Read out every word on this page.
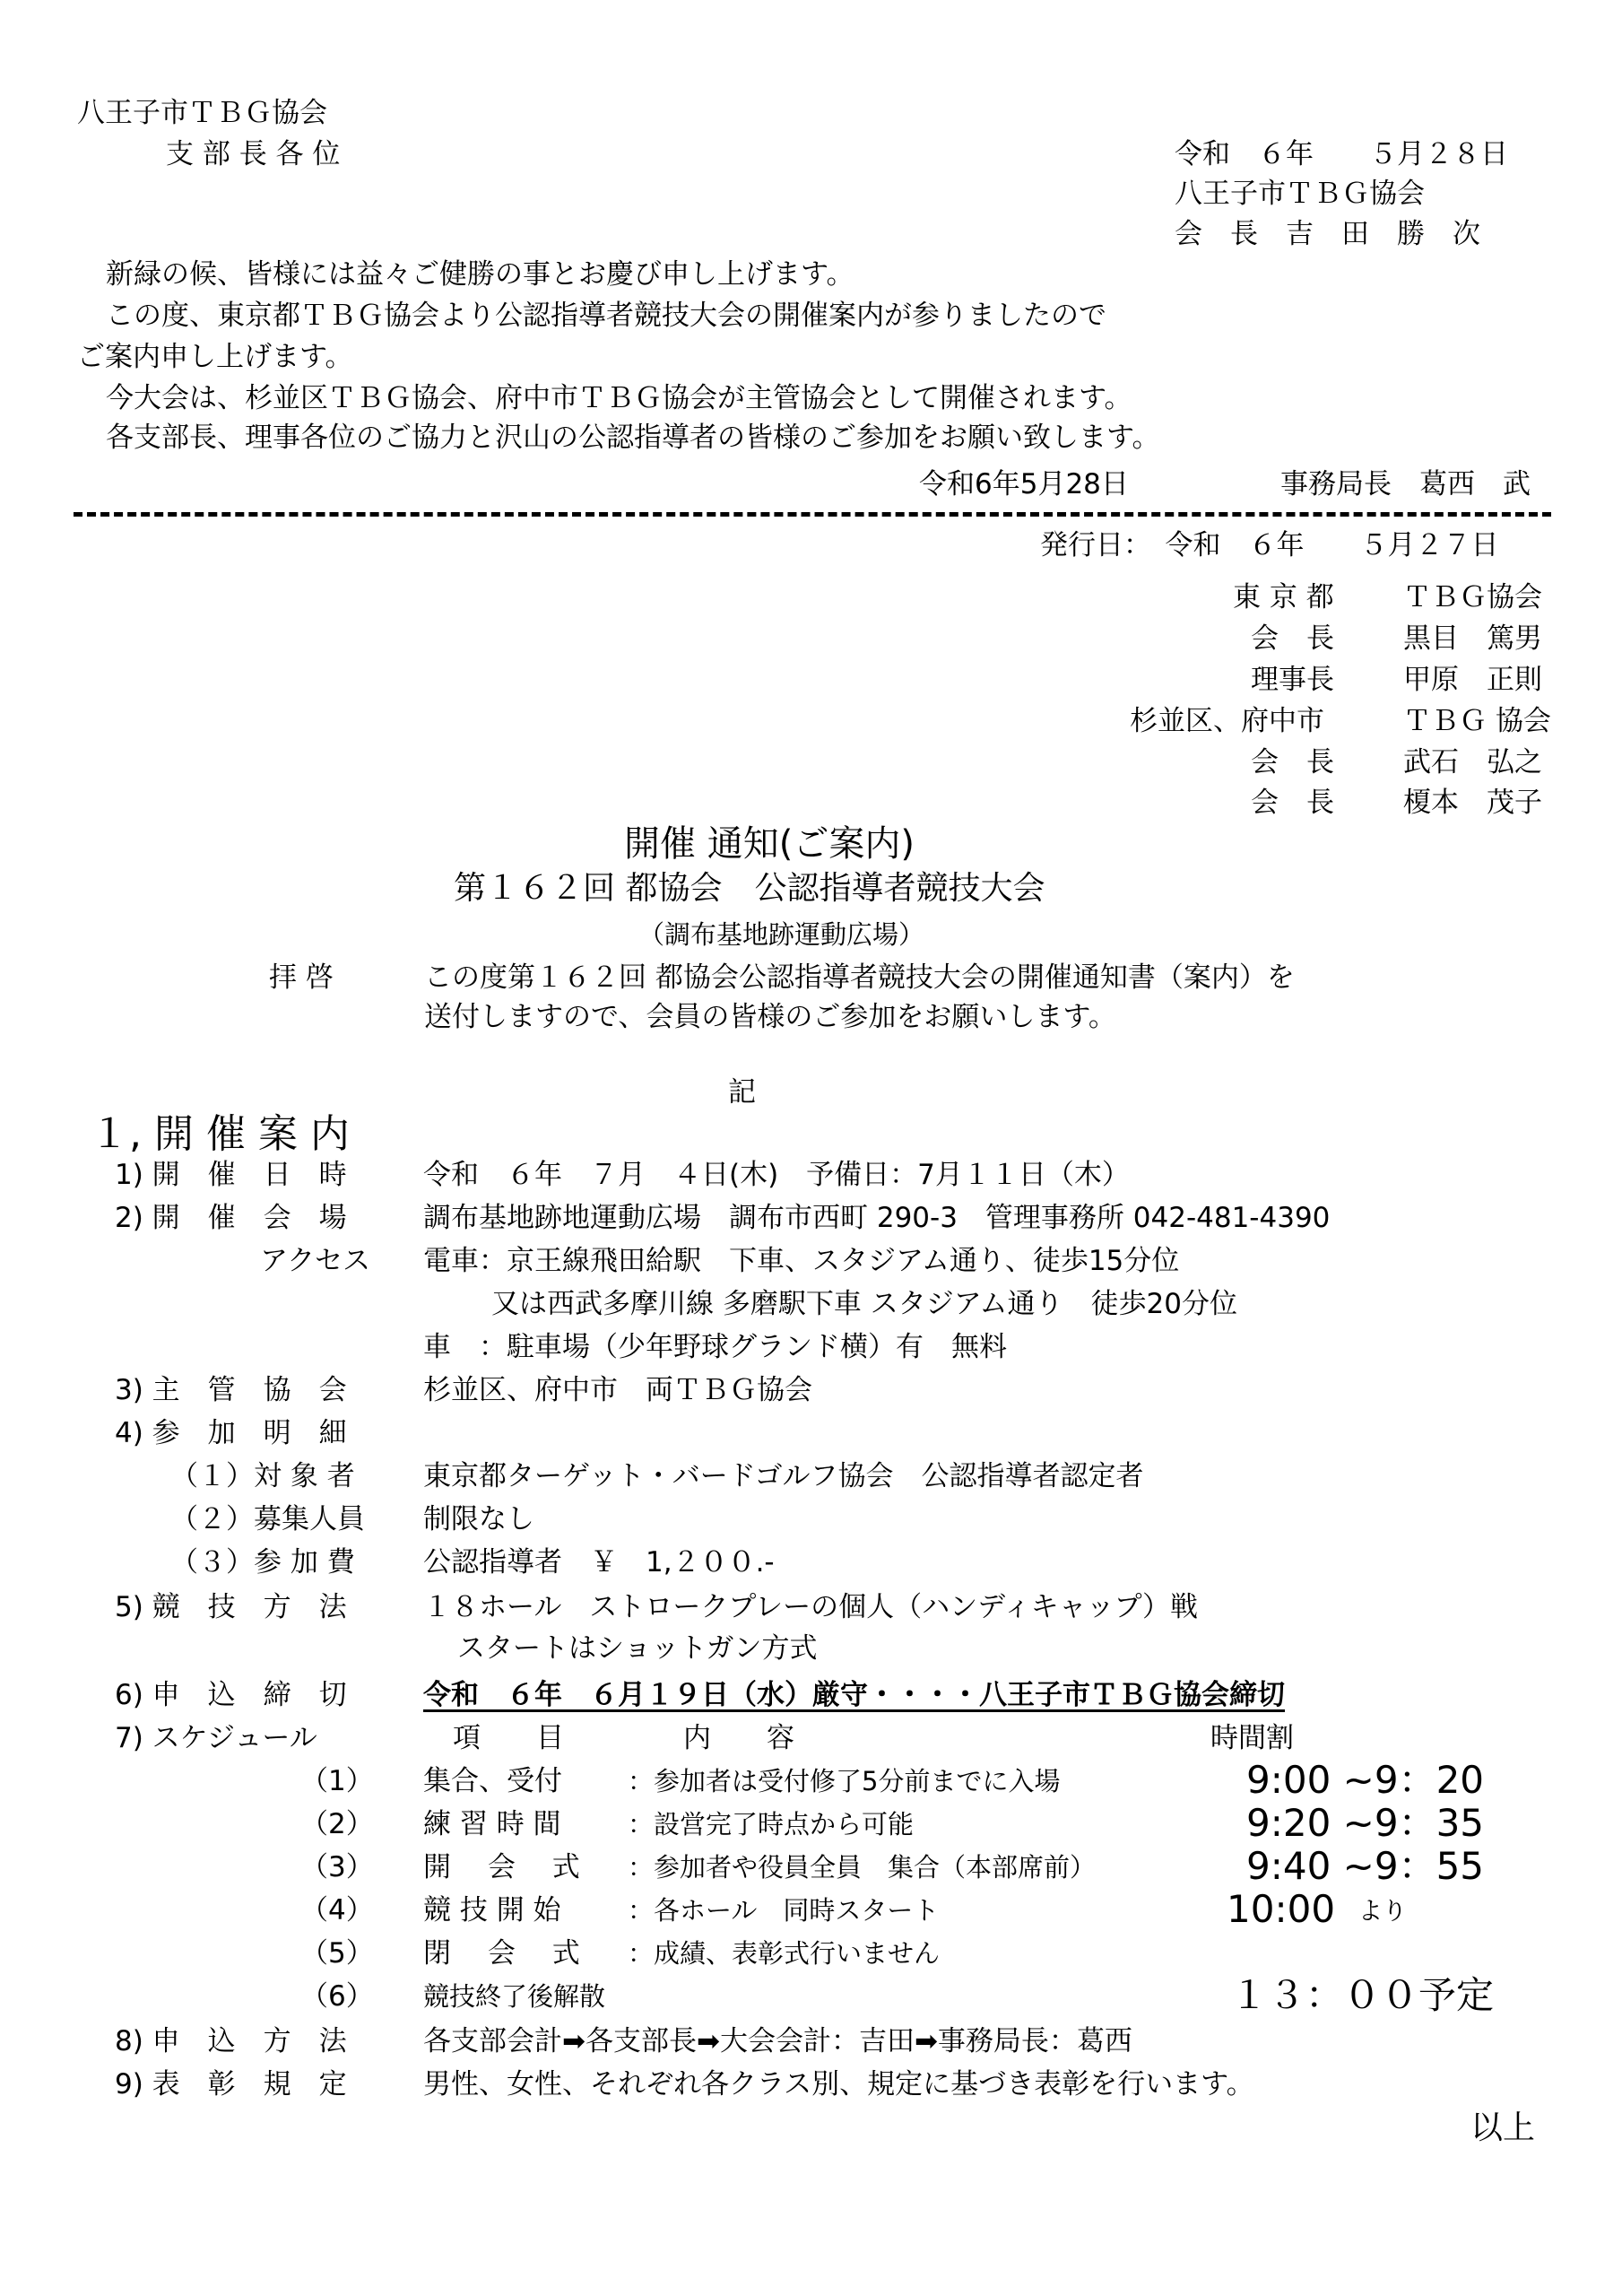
八王子市ＴＢＧ協会
支 部 長 各 位	令和　６年　　５月２８日
八王子市ＴＢＧ協会
会　長　吉　田　勝　次
新緑の候、皆様には益々ご健勝の事とお慶び申し上げます。
この度、東京都ＴＢＧ協会より公認指導者競技大会の開催案内が参りましたので
ご案内申し上げます。
今大会は、杉並区ＴＢＧ協会、府中市ＴＢＧ協会が主管協会として開催されます。
各支部長、理事各位のご協力と沢山の公認指導者の皆様のご参加をお願い致します。
令和6年5月28日	事務局長　葛西　武
発行日：　令和　６年　　５月２７日
東 京 都 ＴＢＧ協会
会　長 黒目　篤男
理事長 甲原　正則
杉並区、府中市	ＴＢＧ 協会
会　長 武石　弘之
会　長 榎本　茂子
開催 通知(ご案内)
第１６２回 都協会　公認指導者競技大会
（調布基地跡運動広場）
拝 啓	この度第１６２回 都協会公認指導者競技大会の開催通知書（案内）を
送付しますので、会員の皆様のご参加をお願いします。
記
１, 開 催 案 内
1) 開　催　日　時	令和　６年　７月　４日(木)　予備日：7月１１日（木）
2) 開　催　会　場	調布基地跡地運動広場　調布市西町 290-3　管理事務所 042-481-4390
アクセス 電車：京王線飛田給駅　下車、スタジアム通り、徒歩15分位
又は西武多摩川線 多磨駅下車 スタジアム通り　徒歩20分位
車　：駐車場（少年野球グランド横）有　無料
3) 主　管　協　会	杉並区、府中市　両ＴＢＧ協会
4) 参　加　明　細
（１）対 象 者 東京都ターゲット・バードゴルフ協会　公認指導者認定者
（２）募集人員 制限なし
（３）参 加 費 公認指導者　￥　1,２００.-
5) 競　技　方　法	１８ホール　ストロークプレーの個人（ハンディキャップ）戦
スタートはショットガン方式
6) 申　込　締　切	令和　６年　６月１９日（水）厳守・・・・八王子市ＴＢＧ協会締切
7) スケジュール	項　　目	内　　容	時間割
（1） 集合、受付	：参加者は受付修了5分前までに入場	9:00 ~9：20
（2） 練 習 時 間	：設営完了時点から可能	9:20 ~9：35
（3） 開　 会　 式 ：参加者や役員全員　集合（本部席前）	9:40 ~9：55
（4） 競 技 開 始	：各ホール　同時スタート	10:00 より
（5） 閉　 会　 式 ：成績、表彰式行いません
（6） 競技終了後解散	１３：００予定
8) 申　込　方　法	各支部会計➡各支部長➡大会会計：吉田➡事務局長：葛西
9) 表　彰　規　定	男性、女性、それぞれ各クラス別、規定に基づき表彰を行います。
以上
